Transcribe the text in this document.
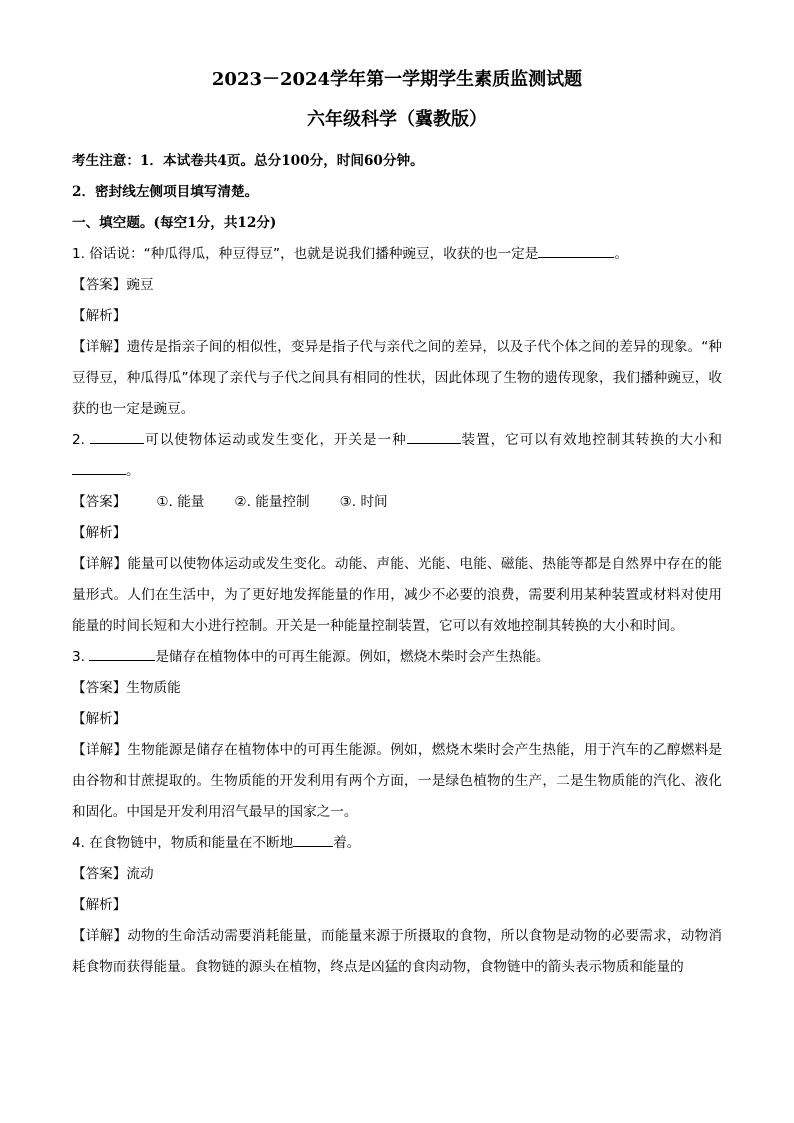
2023－2024学年第一学期学生素质监测试题

六年级科学（冀教版）

考生注意：1．本试卷共4页。总分100分，时间60分钟。

2．密封线左侧项目填写清楚。

一、填空题。(每空1分，共12分)

1. 俗话说：“种瓜得瓜，种豆得豆”，也就是说我们播种豌豆，收获的也一定是	。

【答案】豌豆

【解析】

【详解】遗传是指亲子间的相似性，变异是指子代与亲代之间的差异，以及子代个体之间的差异的现象。“种豆得豆，种瓜得瓜”体现了亲代与子代之间具有相同的性状，因此体现了生物的遗传现象，我们播种豌豆，收获的也一定是豌豆。

2.	可以使物体运动或发生变化，开关是一种	装置，它可以有效地控制其转换的大小和。

【答案】 ①. 能量 ②. 能量控制 ③. 时间

【解析】

【详解】能量可以使物体运动或发生变化。动能、声能、光能、电能、磁能、热能等都是自然界中存在的能量形式。人们在生活中，为了更好地发挥能量的作用，减少不必要的浪费，需要利用某种装置或材料对使用能量的时间长短和大小进行控制。开关是一种能量控制装置，它可以有效地控制其转换的大小和时间。

3.	是储存在植物体中的可再生能源。例如，燃烧木柴时会产生热能。

【答案】生物质能

【解析】

【详解】生物能源是储存在植物体中的可再生能源。例如，燃烧木柴时会产生热能，用于汽车的乙醇燃料是由谷物和甘蔗提取的。生物质能的开发利用有两个方面，一是绿色植物的生产，二是生物质能的汽化、液化和固化。中国是开发利用沼气最早的国家之一。

4. 在食物链中，物质和能量在不断地	着。

【答案】流动

【解析】

【详解】动物的生命活动需要消耗能量，而能量来源于所摄取的食物，所以食物是动物的必要需求，动物消耗食物而获得能量。食物链的源头在植物，终点是凶猛的食肉动物，食物链中的箭头表示物质和能量的
